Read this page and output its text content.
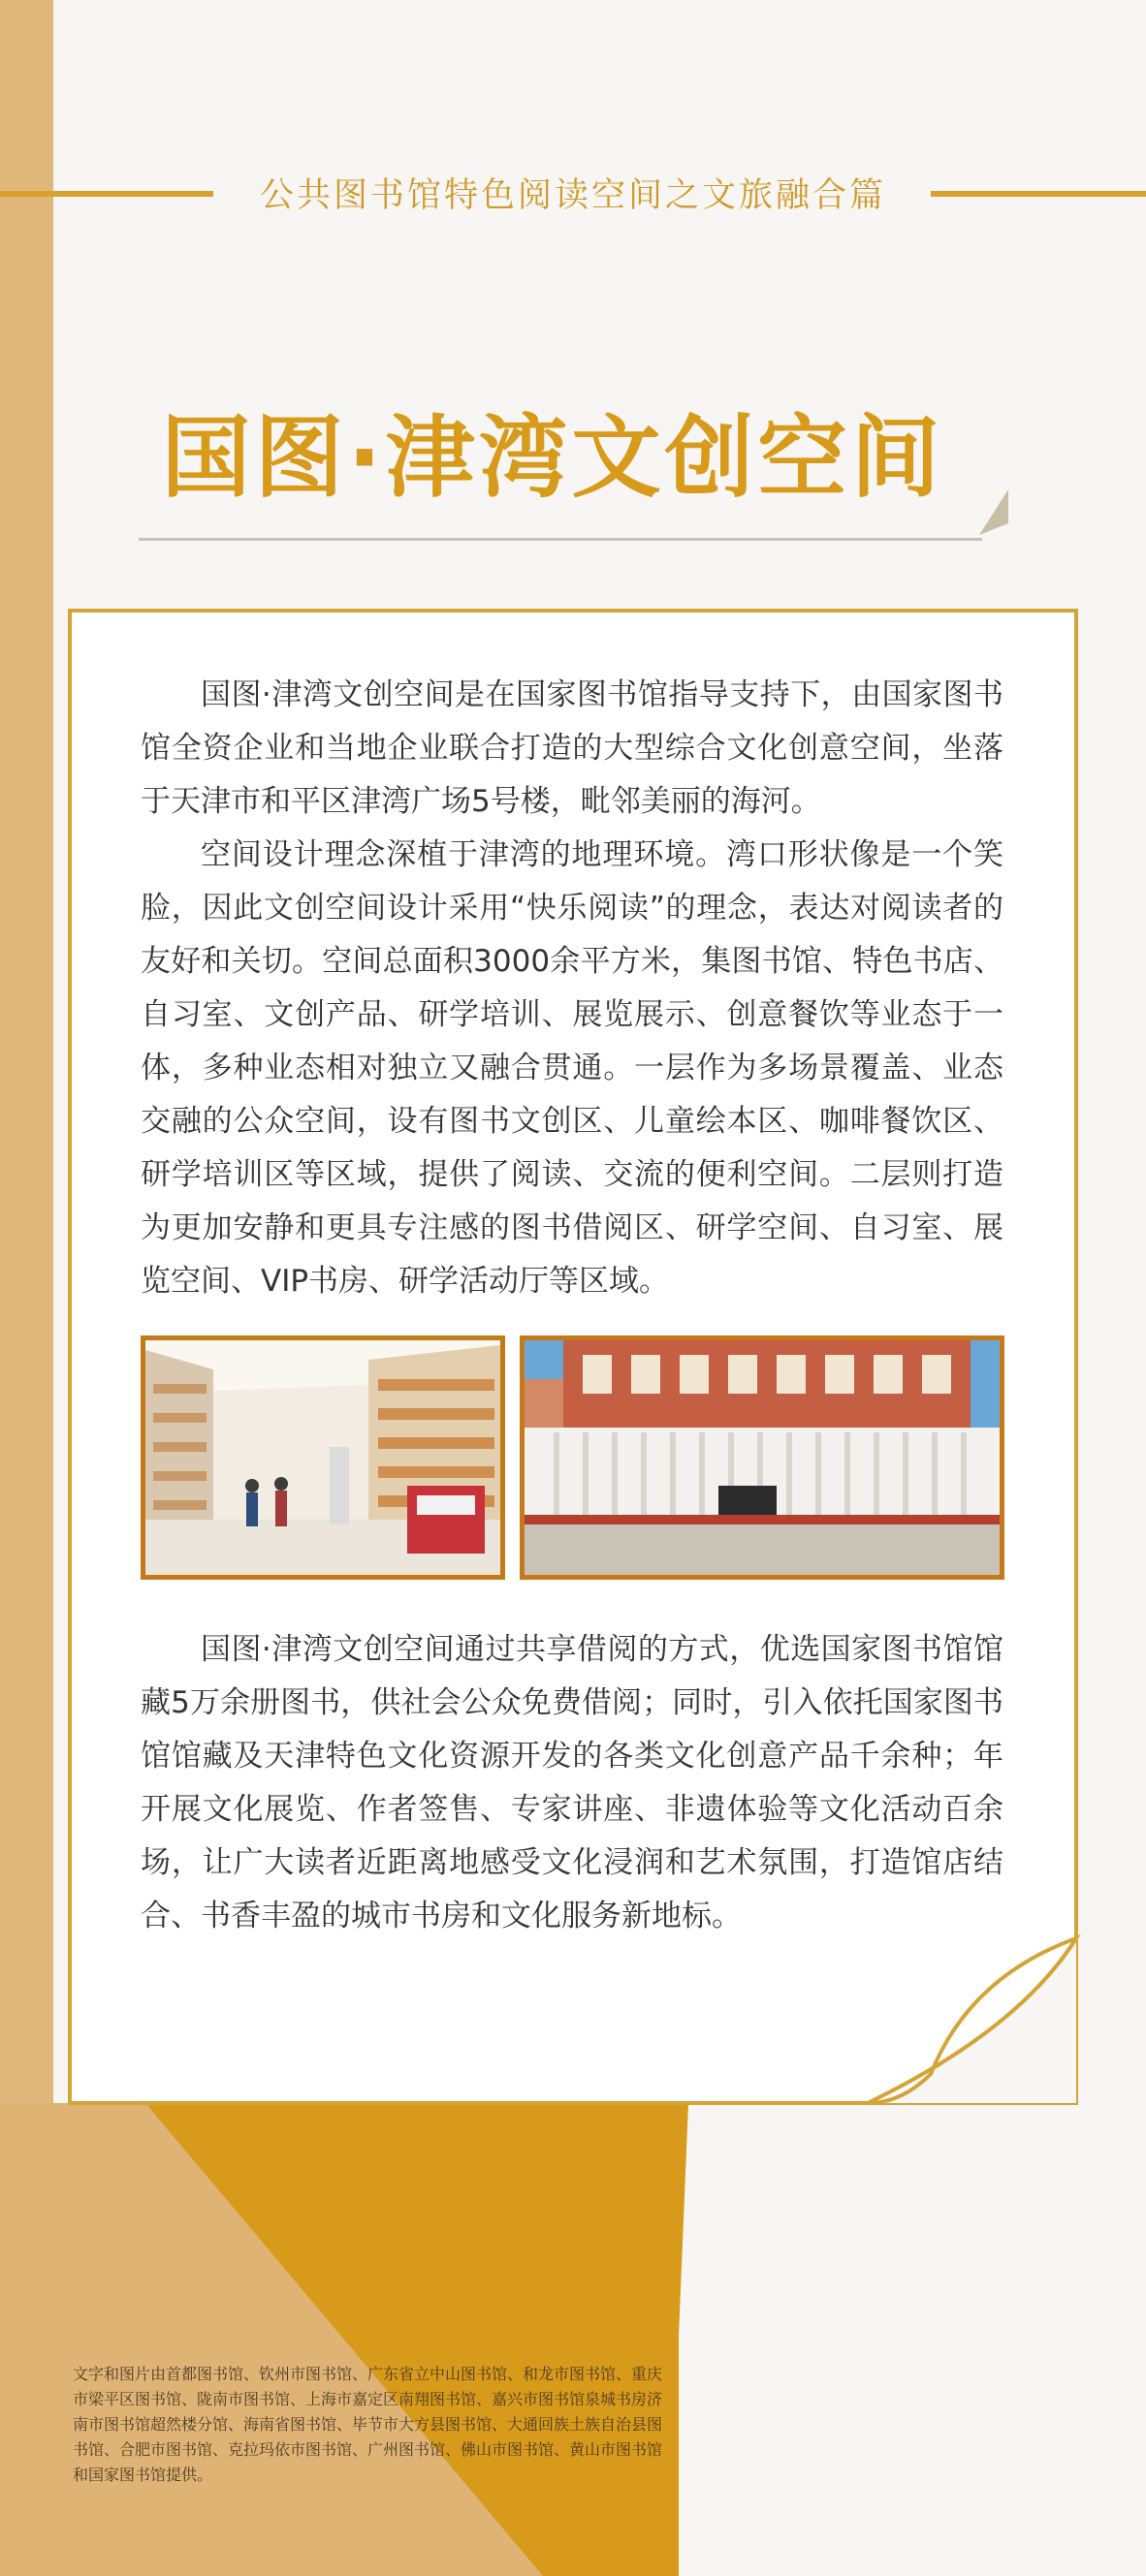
公共图书馆特色阅读空间之文旅融合篇
国图·津湾文创空间

国图·津湾文创空间是在国家图书馆指导支持下，由国家图书馆全资企业和当地企业联合打造的大型综合文化创意空间，坐落于天津市和平区津湾广场5号楼，毗邻美丽的海河。

空间设计理念深植于津湾的地理环境。湾口形状像是一个笑脸，因此文创空间设计采用“快乐阅读”的理念，表达对阅读者的友好和关切。空间总面积3000余平方米，集图书馆、特色书店、自习室、文创产品、研学培训、展览展示、创意餐饮等业态于一体，多种业态相对独立又融合贯通。一层作为多场景覆盖、业态交融的公众空间，设有图书文创区、儿童绘本区、咖啡餐饮区、研学培训区等区域，提供了阅读、交流的便利空间。二层则打造为更加安静和更具专注感的图书借阅区、研学空间、自习室、展览空间、VIP书房、研学活动厅等区域。

国图·津湾文创空间通过共享借阅的方式，优选国家图书馆馆藏5万余册图书，供社会公众免费借阅；同时，引入依托国家图书馆馆藏及天津特色文化资源开发的各类文化创意产品千余种；年开展文化展览、作者签售、专家讲座、非遗体验等文化活动百余场，让广大读者近距离地感受文化浸润和艺术氛围，打造馆店结合、书香丰盈的城市书房和文化服务新地标。

文字和图片由首都图书馆、钦州市图书馆、广东省立中山图书馆、和龙市图书馆、重庆市梁平区图书馆、陇南市图书馆、上海市嘉定区南翔图书馆、嘉兴市图书馆泉城书房济南市图书馆超然楼分馆、海南省图书馆、毕节市大方县图书馆、大通回族土族自治县图书馆、合肥市图书馆、克拉玛依市图书馆、广州图书馆、佛山市图书馆、黄山市图书馆和国家图书馆提供。
